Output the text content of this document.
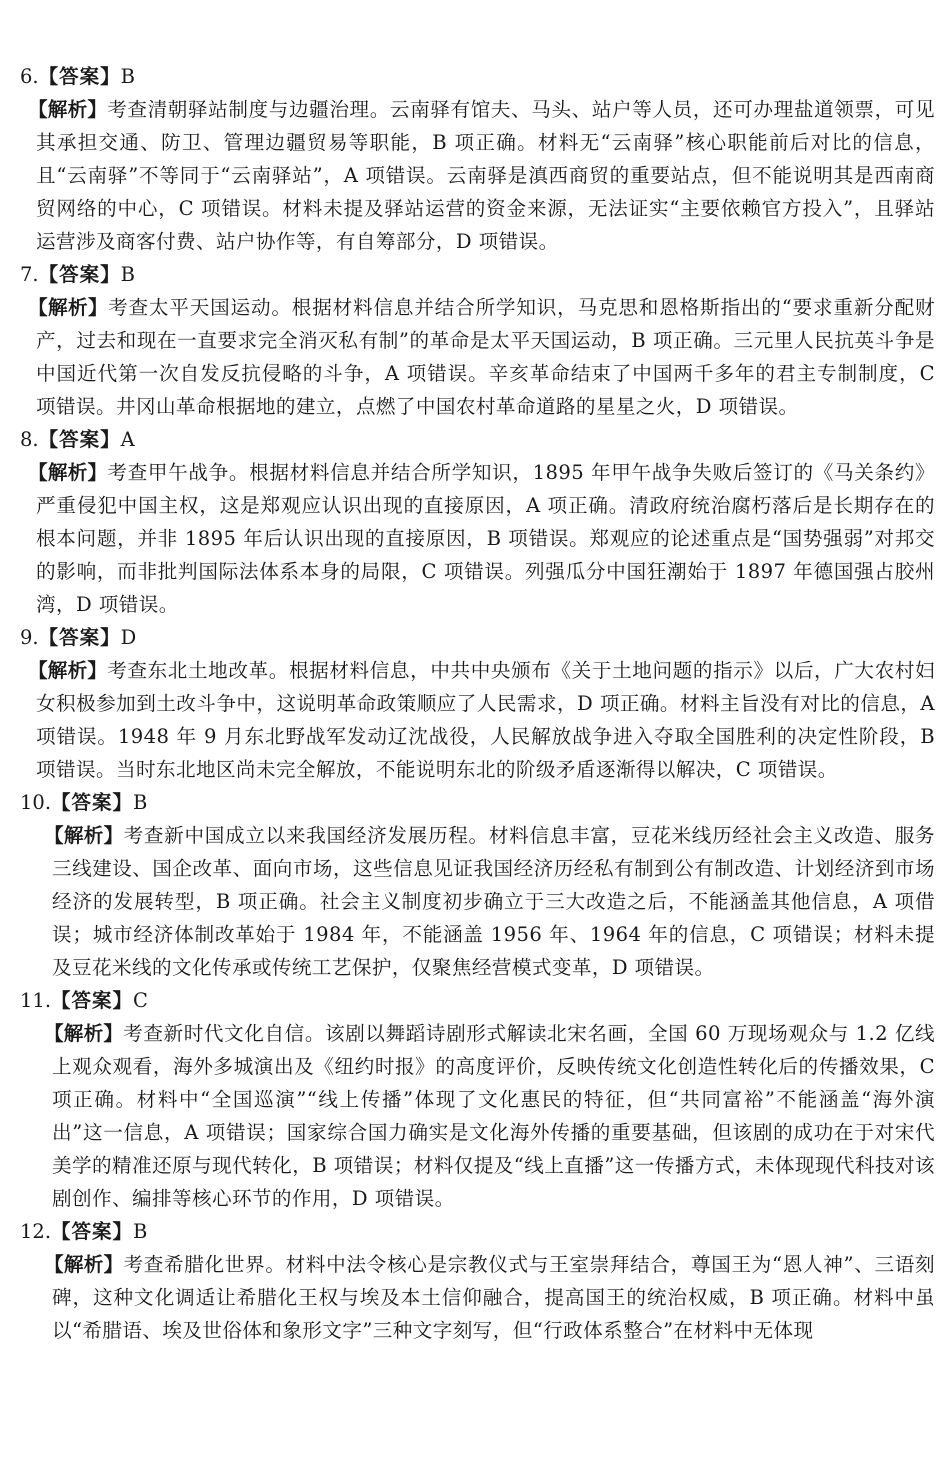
6.【答案】B

【解析】考查清朝驿站制度与边疆治理。云南驿有馆夫、马头、站户等人员，还可办理盐道领票，可见其承担交通、防卫、管理边疆贸易等职能，B 项正确。材料无“云南驿”核心职能前后对比的信息，且“云南驿”不等同于“云南驿站”，A 项错误。云南驿是滇西商贸的重要站点，但不能说明其是西南商贸网络的中心，C 项错误。材料未提及驿站运营的资金来源，无法证实“主要依赖官方投入”，且驿站运营涉及商客付费、站户协作等，有自筹部分，D 项错误。

7.【答案】B

【解析】考查太平天国运动。根据材料信息并结合所学知识，马克思和恩格斯指出的“要求重新分配财产，过去和现在一直要求完全消灭私有制”的革命是太平天国运动，B 项正确。三元里人民抗英斗争是中国近代第一次自发反抗侵略的斗争，A 项错误。辛亥革命结束了中国两千多年的君主专制制度，C 项错误。井冈山革命根据地的建立，点燃了中国农村革命道路的星星之火，D 项错误。

8.【答案】A

【解析】考查甲午战争。根据材料信息并结合所学知识，1895 年甲午战争失败后签订的《马关条约》严重侵犯中国主权，这是郑观应认识出现的直接原因，A 项正确。清政府统治腐朽落后是长期存在的根本问题，并非 1895 年后认识出现的直接原因，B 项错误。郑观应的论述重点是“国势强弱”对邦交的影响，而非批判国际法体系本身的局限，C 项错误。列强瓜分中国狂潮始于 1897 年德国强占胶州湾，D 项错误。

9.【答案】D

【解析】考查东北土地改革。根据材料信息，中共中央颁布《关于土地问题的指示》以后，广大农村妇女积极参加到土改斗争中，这说明革命政策顺应了人民需求，D 项正确。材料主旨没有对比的信息，A 项错误。1948 年 9 月东北野战军发动辽沈战役，人民解放战争进入夺取全国胜利的决定性阶段，B 项错误。当时东北地区尚未完全解放，不能说明东北的阶级矛盾逐渐得以解决，C 项错误。

10.【答案】B

【解析】考查新中国成立以来我国经济发展历程。材料信息丰富，豆花米线历经社会主义改造、服务三线建设、国企改革、面向市场，这些信息见证我国经济历经私有制到公有制改造、计划经济到市场经济的发展转型，B 项正确。社会主义制度初步确立于三大改造之后，不能涵盖其他信息，A 项借误；城市经济体制改革始于 1984 年，不能涵盖 1956 年、1964 年的信息，C 项错误；材料未提及豆花米线的文化传承或传统工艺保护，仅聚焦经营模式变革，D 项错误。

11.【答案】C

【解析】考查新时代文化自信。该剧以舞蹈诗剧形式解读北宋名画，全国 60 万现场观众与 1.2 亿线上观众观看，海外多城演出及《纽约时报》的高度评价，反映传统文化创造性转化后的传播效果，C 项正确。材料中“全国巡演”“线上传播”体现了文化惠民的特征，但“共同富裕”不能涵盖“海外演出”这一信息，A 项错误；国家综合国力确实是文化海外传播的重要基础，但该剧的成功在于对宋代美学的精准还原与现代转化，B 项错误；材料仅提及“线上直播”这一传播方式，未体现现代科技对该剧创作、编排等核心环节的作用，D 项错误。

12.【答案】B

【解析】考查希腊化世界。材料中法令核心是宗教仪式与王室崇拜结合，尊国王为“恩人神”、三语刻碑，这种文化调适让希腊化王权与埃及本土信仰融合，提高国王的统治权威，B 项正确。材料中虽以“希腊语、埃及世俗体和象形文字”三种文字刻写，但“行政体系整合”在材料中无体现
